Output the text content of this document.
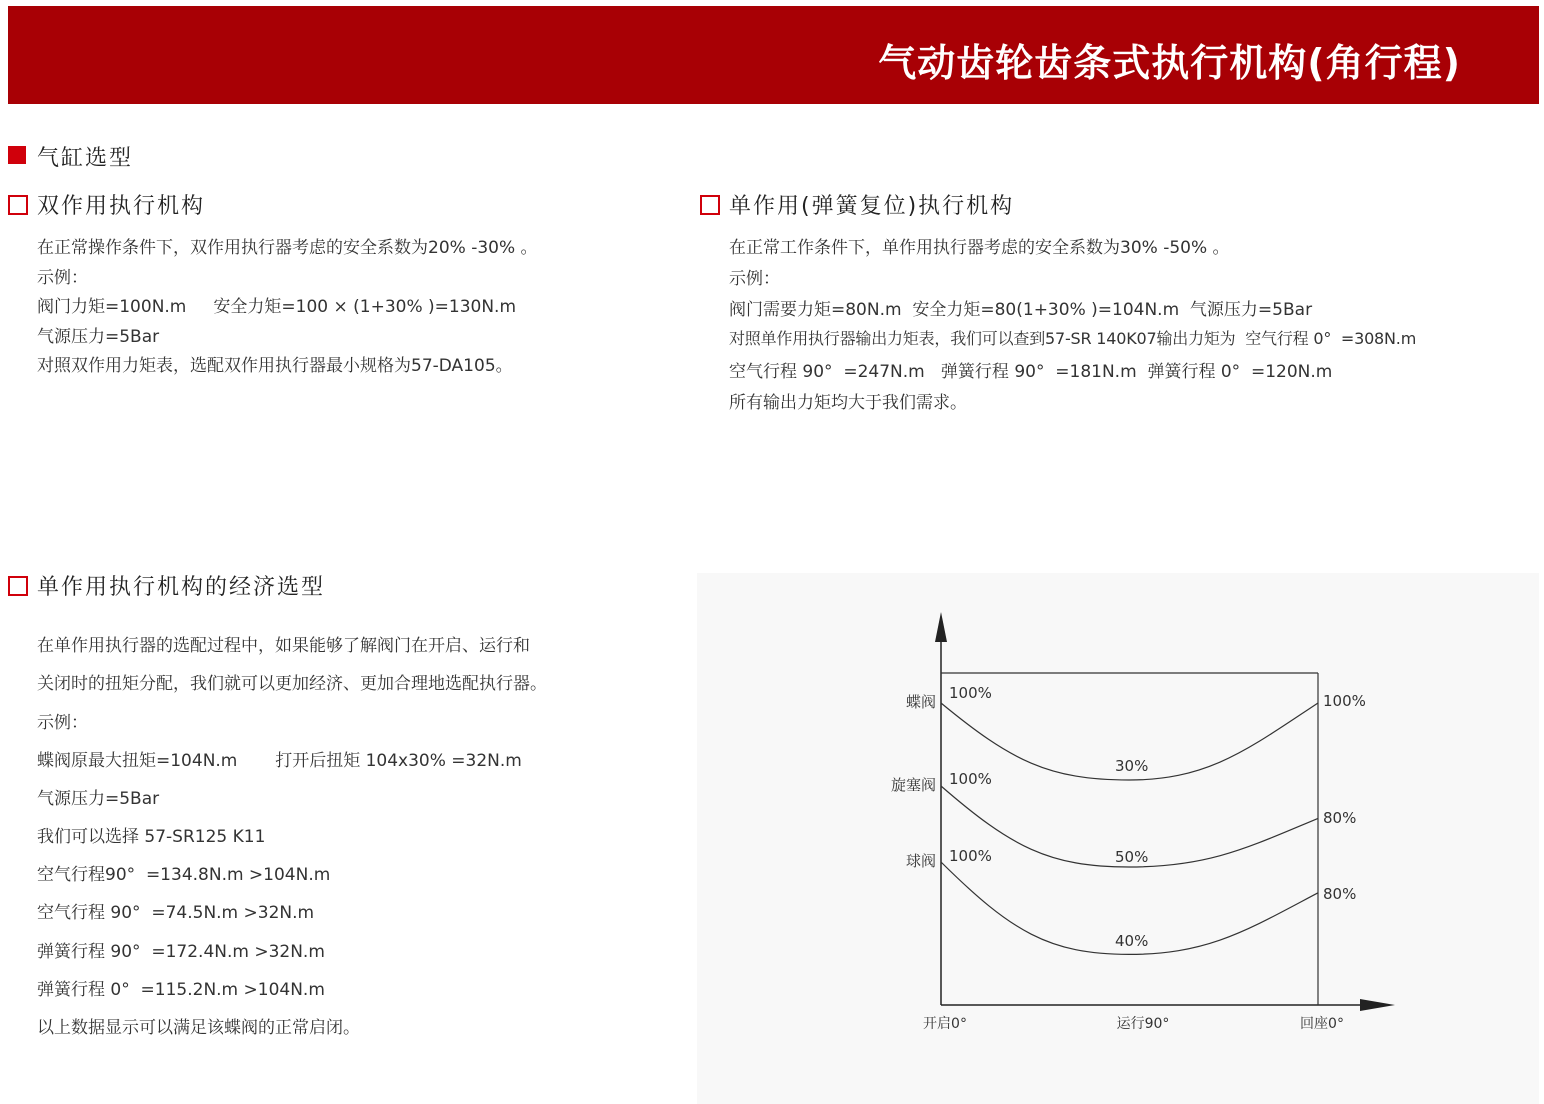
气动齿轮齿条式执行机构(角行程)
气缸选型
双作用执行机构
在正常操作条件下，双作用执行器考虑的安全系数为20% -30% 。
示例：
阀门力矩=100N.m     安全力矩=100 × (1+30% )=130N.m
气源压力=5Bar
对照双作用力矩表，选配双作用执行器最小规格为57-DA105。
单作用(弹簧复位)执行机构
在正常工作条件下，单作用执行器考虑的安全系数为30% -50% 。
示例：
阀门需要力矩=80N.m  安全力矩=80(1+30% )=104N.m  气源压力=5Bar
对照单作用执行器输出力矩表，我们可以查到57-SR 140K07输出力矩为  空气行程 0°  =308N.m
空气行程 90°  =247N.m   弹簧行程 90°  =181N.m  弹簧行程 0°  =120N.m
所有输出力矩均大于我们需求。
单作用执行机构的经济选型
在单作用执行器的选配过程中，如果能够了解阀门在开启、运行和
关闭时的扭矩分配，我们就可以更加经济、更加合理地选配执行器。
示例：
蝶阀原最大扭矩=104N.m       打开后扭矩 104x30% =32N.m
气源压力=5Bar
我们可以选择 57-SR125 K11
空气行程90°  =134.8N.m >104N.m
空气行程 90°  =74.5N.m >32N.m
弹簧行程 90°  =172.4N.m >32N.m
弹簧行程 0°  =115.2N.m >104N.m
以上数据显示可以满足该蝶阀的正常启闭。
蝶阀
旋塞阀
球阀
100%
30%
100%
100%
50%
80%
100%
40%
80%
开启0°	运行90°	回座0°
